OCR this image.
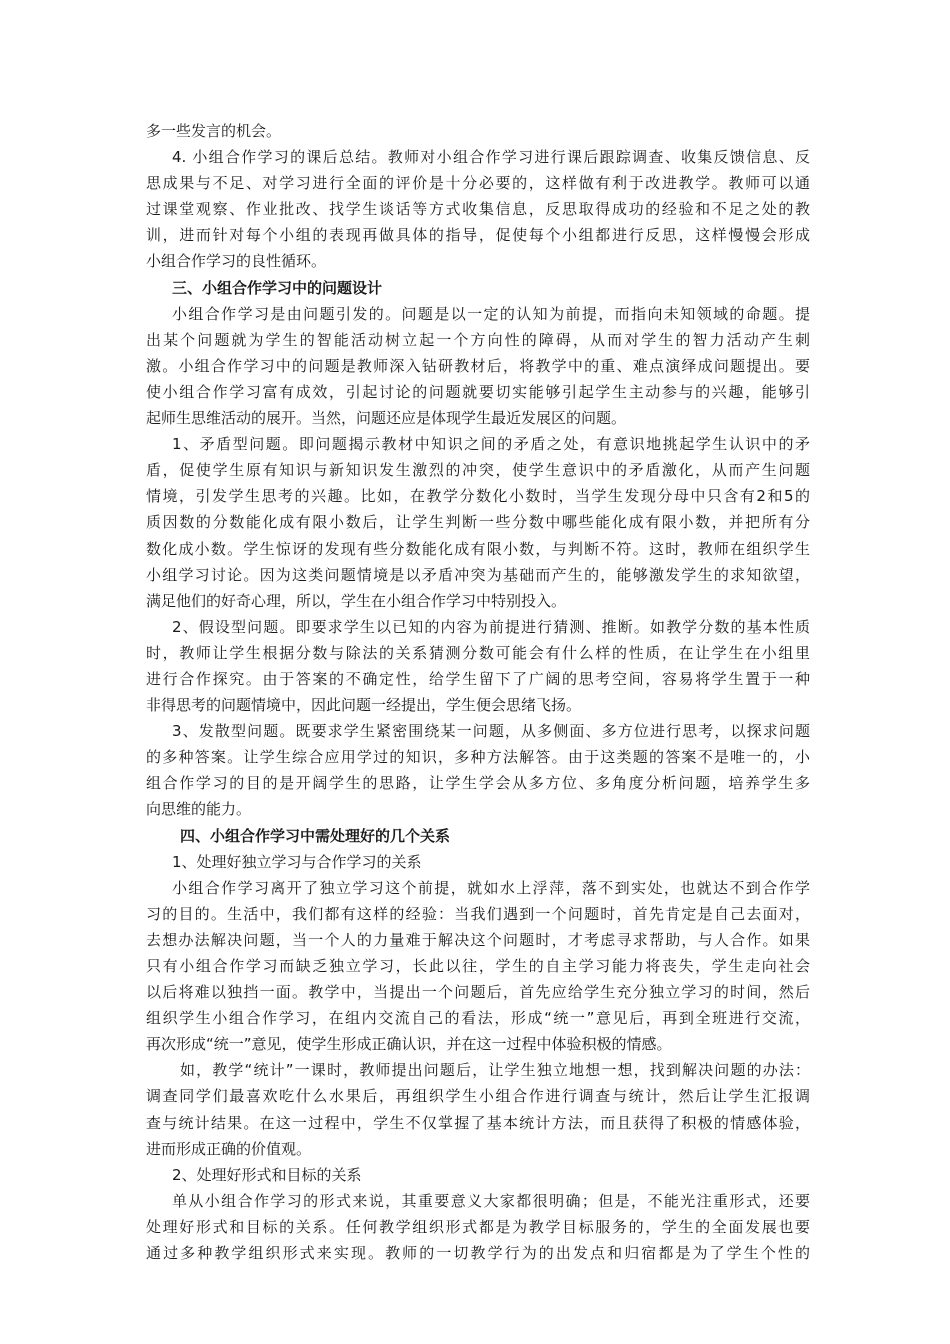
多一些发言的机会。
4. 小组合作学习的课后总结。教师对小组合作学习进行课后跟踪调查、收集反馈信息、反
思成果与不足、对学习进行全面的评价是十分必要的，这样做有利于改进教学。教师可以通
过课堂观察、作业批改、找学生谈话等方式收集信息，反思取得成功的经验和不足之处的教
训，进而针对每个小组的表现再做具体的指导，促使每个小组都进行反思，这样慢慢会形成
小组合作学习的良性循环。
三、小组合作学习中的问题设计
小组合作学习是由问题引发的。问题是以一定的认知为前提，而指向未知领域的命题。提
出某个问题就为学生的智能活动树立起一个方向性的障碍，从而对学生的智力活动产生刺
激。小组合作学习中的问题是教师深入钻研教材后，将教学中的重、难点演绎成问题提出。要
使小组合作学习富有成效，引起讨论的问题就要切实能够引起学生主动参与的兴趣，能够引
起师生思维活动的展开。当然，问题还应是体现学生最近发展区的问题。
1、矛盾型问题。即问题揭示教材中知识之间的矛盾之处，有意识地挑起学生认识中的矛
盾，促使学生原有知识与新知识发生激烈的冲突，使学生意识中的矛盾激化，从而产生问题
情境，引发学生思考的兴趣。比如，在教学分数化小数时，当学生发现分母中只含有2和5的
质因数的分数能化成有限小数后，让学生判断一些分数中哪些能化成有限小数，并把所有分
数化成小数。学生惊讶的发现有些分数能化成有限小数，与判断不符。这时，教师在组织学生
小组学习讨论。因为这类问题情境是以矛盾冲突为基础而产生的，能够激发学生的求知欲望，
满足他们的好奇心理，所以，学生在小组合作学习中特别投入。
2、假设型问题。即要求学生以已知的内容为前提进行猜测、推断。如教学分数的基本性质
时，教师让学生根据分数与除法的关系猜测分数可能会有什么样的性质，在让学生在小组里
进行合作探究。由于答案的不确定性，给学生留下了广阔的思考空间，容易将学生置于一种
非得思考的问题情境中，因此问题一经提出，学生便会思绪飞扬。
3、发散型问题。既要求学生紧密围绕某一问题，从多侧面、多方位进行思考，以探求问题
的多种答案。让学生综合应用学过的知识，多种方法解答。由于这类题的答案不是唯一的，小
组合作学习的目的是开阔学生的思路，让学生学会从多方位、多角度分析问题，培养学生多
向思维的能力。
四、小组合作学习中需处理好的几个关系
1、处理好独立学习与合作学习的关系
小组合作学习离开了独立学习这个前提，就如水上浮萍，落不到实处，也就达不到合作学
习的目的。生活中，我们都有这样的经验：当我们遇到一个问题时，首先肯定是自己去面对，
去想办法解决问题，当一个人的力量难于解决这个问题时，才考虑寻求帮助，与人合作。如果
只有小组合作学习而缺乏独立学习，长此以往，学生的自主学习能力将丧失，学生走向社会
以后将难以独挡一面。教学中，当提出一个问题后，首先应给学生充分独立学习的时间，然后
组织学生小组合作学习，在组内交流自己的看法，形成“统一”意见后，再到全班进行交流，
再次形成“统一”意见，使学生形成正确认识，并在这一过程中体验积极的情感。
如，教学“统计”一课时，教师提出问题后，让学生独立地想一想，找到解决问题的办法：
调查同学们最喜欢吃什么水果后，再组织学生小组合作进行调查与统计，然后让学生汇报调
查与统计结果。在这一过程中，学生不仅掌握了基本统计方法，而且获得了积极的情感体验，
进而形成正确的价值观。
2、处理好形式和目标的关系
单从小组合作学习的形式来说，其重要意义大家都很明确；但是，不能光注重形式，还要
处理好形式和目标的关系。任何教学组织形式都是为教学目标服务的，学生的全面发展也要
通过多种教学组织形式来实现。教师的一切教学行为的出发点和归宿都是为了学生个性的
